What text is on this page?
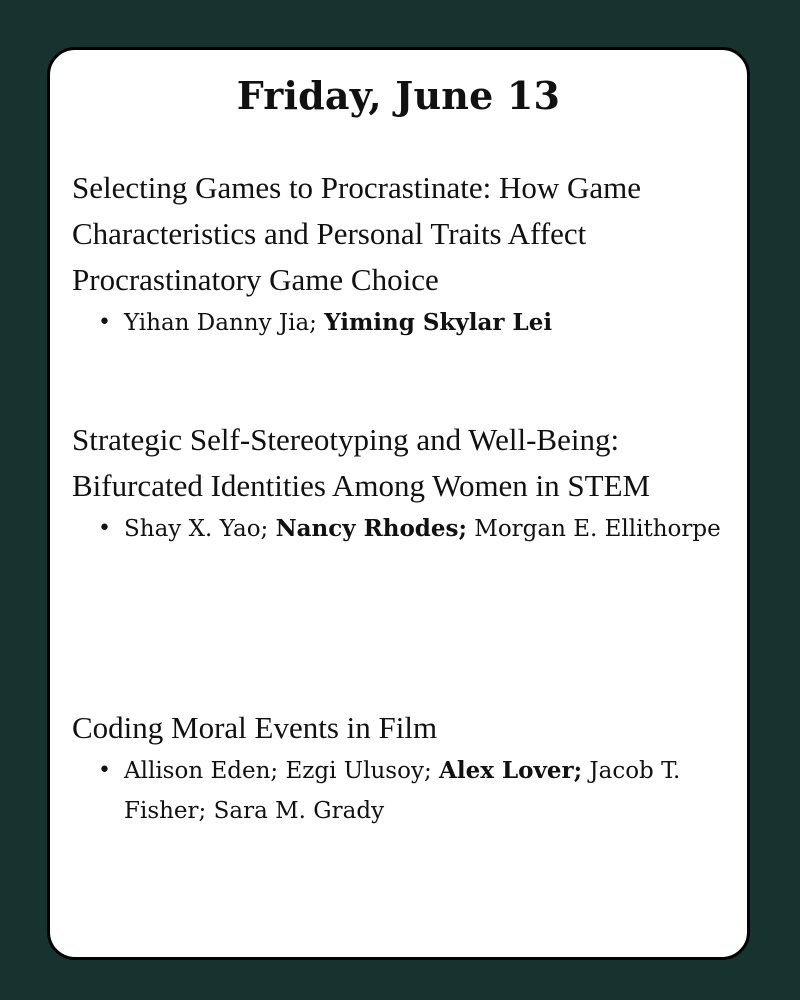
Friday, June 13

Selecting Games to Procrastinate: How Game Characteristics and Personal Traits Affect Procrastinatory Game Choice

• Yihan Danny Jia; Yiming Skylar Lei

Strategic Self-Stereotyping and Well-Being: Bifurcated Identities Among Women in STEM

• Shay X. Yao; Nancy Rhodes; Morgan E. Ellithorpe

Coding Moral Events in Film

• Allison Eden; Ezgi Ulusoy; Alex Lover; Jacob T. Fisher; Sara M. Grady
